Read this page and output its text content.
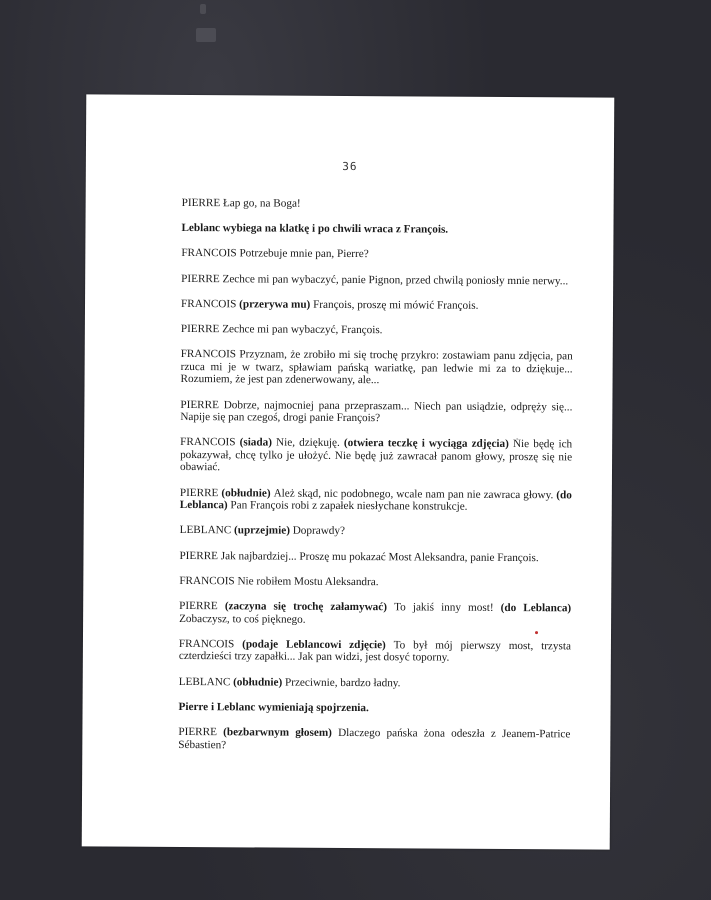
36

PIERRE Łap go, na Boga!

Leblanc wybiega na klatkę i po chwili wraca z François.

FRANCOIS Potrzebuje mnie pan, Pierre?

PIERRE Zechce mi pan wybaczyć, panie Pignon, przed chwilą poniosły mnie nerwy...

FRANCOIS (przerywa mu) François, proszę mi mówić François.

PIERRE Zechce mi pan wybaczyć, François.

FRANCOIS Przyznam, że zrobiło mi się trochę przykro: zostawiam panu zdjęcia, pan rzuca mi je w twarz, spławiam pańską wariatkę, pan ledwie mi za to dziękuje... Rozumiem, że jest pan zdenerwowany, ale...

PIERRE Dobrze, najmocniej pana przepraszam... Niech pan usiądzie, odpręży się... Napije się pan czegoś, drogi panie François?

FRANCOIS (siada) Nie, dziękuję. (otwiera teczkę i wyciąga zdjęcia) Nie będę ich pokazywał, chcę tylko je ułożyć. Nie będę już zawracał panom głowy, proszę się nie obawiać.

PIERRE (obłudnie) Ależ skąd, nic podobnego, wcale nam pan nie zawraca głowy. (do Leblanca) Pan François robi z zapałek niesłychane konstrukcje.

LEBLANC (uprzejmie) Doprawdy?

PIERRE Jak najbardziej... Proszę mu pokazać Most Aleksandra, panie François.

FRANCOIS Nie robiłem Mostu Aleksandra.

PIERRE (zaczyna się trochę załamywać) To jakiś inny most! (do Leblanca) Zobaczysz, to coś pięknego.

FRANCOIS (podaje Leblancowi zdjęcie) To był mój pierwszy most, trzysta czterdzieści trzy zapałki... Jak pan widzi, jest dosyć toporny.

LEBLANC (obłudnie) Przeciwnie, bardzo ładny.

Pierre i Leblanc wymieniają spojrzenia.

PIERRE (bezbarwnym głosem) Dlaczego pańska żona odeszła z Jeanem-Patrice Sébastien?
